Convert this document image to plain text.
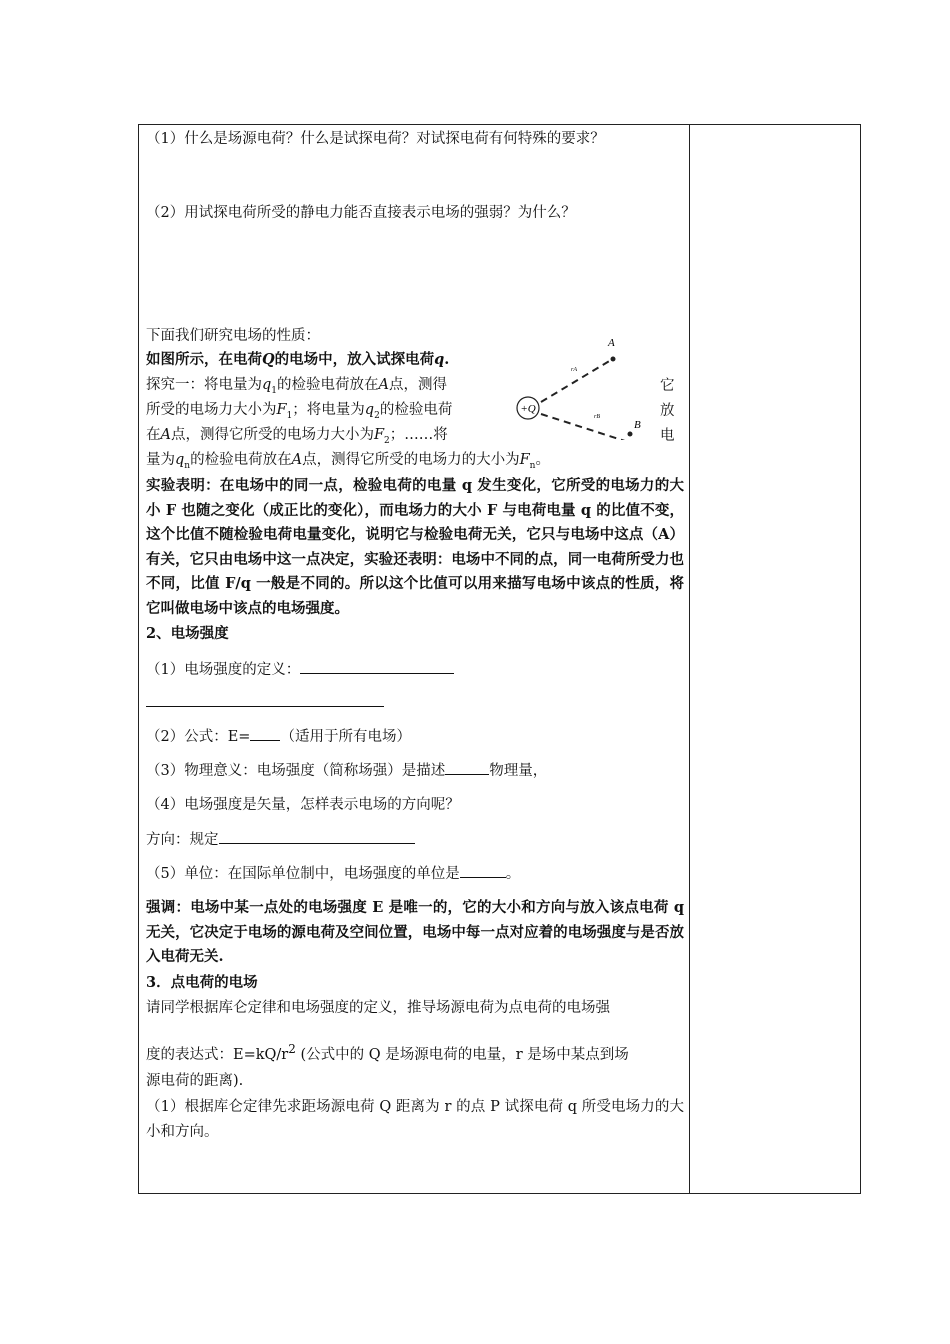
（1）什么是场源电荷？什么是试探电荷？对试探电荷有何特殊的要求？
（2）用试探电荷所受的静电力能否直接表示电场的强弱？为什么？
下面我们研究电场的性质：
如图所示，在电荷Q的电场中，放入试探电荷q.
探究一：将电量为$q_1$的检验电荷放在A点，测得
所受的电场力大小为$F_1$；将电量为$q_2$的检验电荷
在A点，测得它所受的电场力大小为$F_2$；……将
量为$q_n$的检验电荷放在A点，测得它所受的电场力的大小为$F_n$。
它
放
电
+Q
A
B
rA
rB
实验表明：在电场中的同一点，检验电荷的电量 q 发生变化，它所受的电场力的大小 F 也随之变化（成正比的变化），而电场力的大小 F 与电荷电量 q 的比值不变，这个比值不随检验电荷电量变化，说明它与检验电荷无关，它只与电场中这点（A）有关，它只由电场中这一点决定，实验还表明：电场中不同的点，同一电荷所受力也不同，比值 F/q 一般是不同的。所以这个比值可以用来描写电场中该点的性质，将它叫做电场中该点的电场强度。
2、电场强度
（1）电场强度的定义：
（2）公式：E= （适用于所有电场）
（3）物理意义：电场强度（简称场强）是描述	物理量，
（4）电场强度是矢量，怎样表示电场的方向呢？
方向：规定
（5）单位：在国际单位制中，电场强度的单位是	。
强调：电场中某一点处的电场强度 E 是唯一的，它的大小和方向与放入该点电荷 q 无关，它决定于电场的源电荷及空间位置，电场中每一点对应着的电场强度与是否放入电荷无关.
3．点电荷的电场
请同学根据库仑定律和电场强度的定义，推导场源电荷为点电荷的电场强
度的表达式：$E=kQ/r^2$ (公式中的 Q 是场源电荷的电量，r 是场中某点到场
源电荷的距离).
（1）根据库仑定律先求距场源电荷 Q 距离为 r 的点 P 试探电荷 q 所受电场力的大小和方向。
